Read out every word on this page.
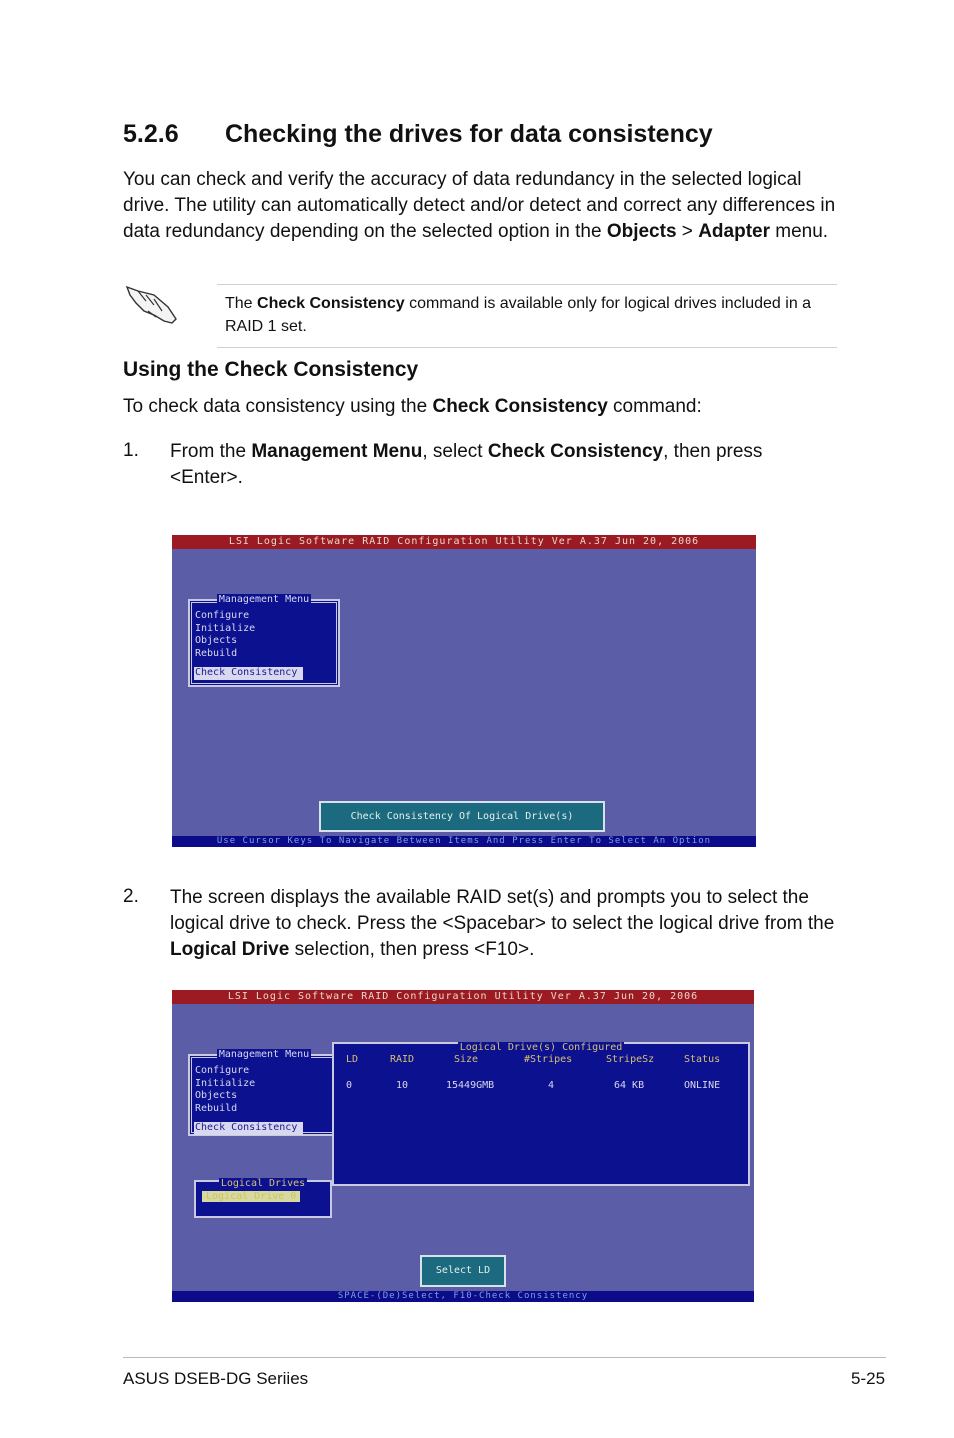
5.2.6 Checking the drives for data consistency
You can check and verify the accuracy of data redundancy in the selected logical drive. The utility can automatically detect and/or detect and correct any differences in data redundancy depending on the selected option in the Objects > Adapter menu.
The Check Consistency command is available only for logical drives included in a RAID 1 set.
Using the Check Consistency
To check data consistency using the Check Consistency command:
1. From the Management Menu, select Check Consistency, then press <Enter>.
LSI Logic Software RAID Configuration Utility Ver A.37 Jun 20, 2006
Management Menu
Configure
Initialize
Objects
Rebuild
Check Consistency
Check Consistency Of Logical Drive(s)
Use Cursor Keys To Navigate Between Items And Press Enter To Select An Option
2. The screen displays the available RAID set(s) and prompts you to select the logical drive to check. Press the <Spacebar> to select the logical drive from the Logical Drive selection, then press <F10>.
LSI Logic Software RAID Configuration Utility Ver A.37 Jun 20, 2006
Management Menu
Configure
Initialize
Objects
Rebuild
Check Consistency
Logical Drive(s) Configured
LD	RAID	Size	#Stripes	StripeSz	Status
0	10	15449GMB	4	64 KB	ONLINE
Logical Drives
Logical Drive 0
Select LD
SPACE-(De)Select, F10-Check Consistency
ASUS DSEB-DG Seriies	5-25
